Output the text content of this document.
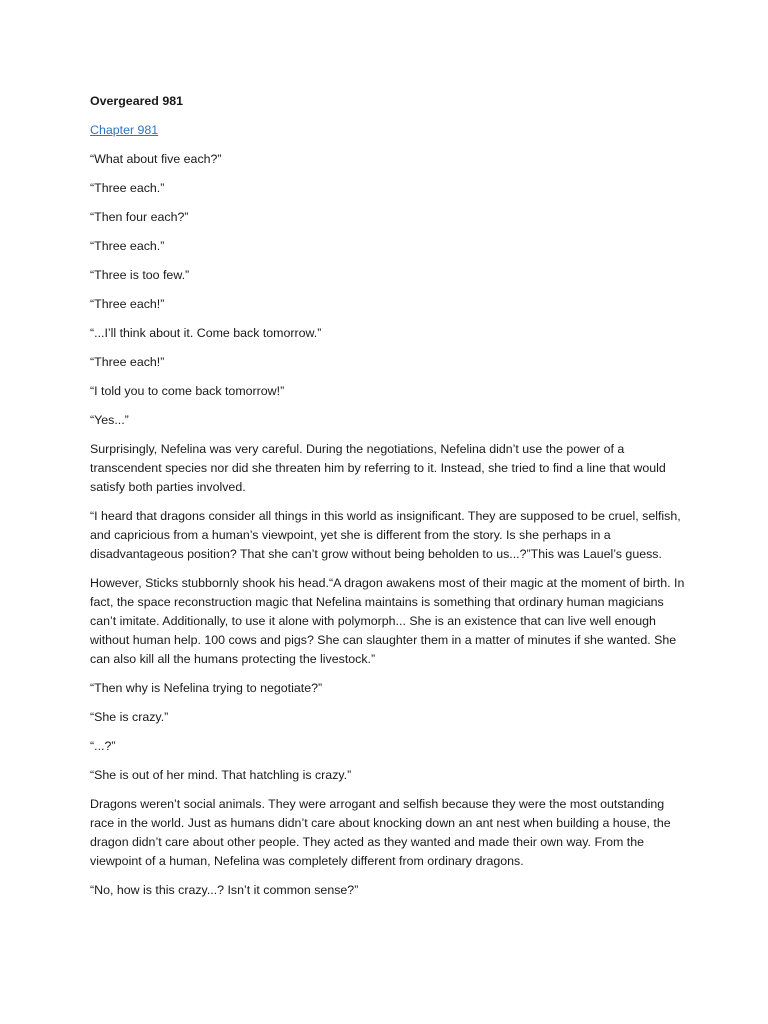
Overgeared 981
Chapter 981

“What about five each?”

“Three each.”

“Then four each?”

“Three each.”

“Three is too few.”

“Three each!”

“...I’ll think about it. Come back tomorrow.”

“Three each!”

“I told you to come back tomorrow!”

“Yes...”

Surprisingly, Nefelina was very careful. During the negotiations, Nefelina didn’t use the power of a transcendent species nor did she threaten him by referring to it. Instead, she tried to find a line that would satisfy both parties involved.

“I heard that dragons consider all things in this world as insignificant. They are supposed to be cruel, selfish, and capricious from a human’s viewpoint, yet she is different from the story. Is she perhaps in a disadvantageous position? That she can’t grow without being beholden to us...?”This was Lauel’s guess.

However, Sticks stubbornly shook his head.“A dragon awakens most of their magic at the moment of birth. In fact, the space reconstruction magic that Nefelina maintains is something that ordinary human magicians can’t imitate. Additionally, to use it alone with polymorph... She is an existence that can live well enough without human help. 100 cows and pigs? She can slaughter them in a matter of minutes if she wanted. She can also kill all the humans protecting the livestock.”

“Then why is Nefelina trying to negotiate?”

“She is crazy.”

“...?”

“She is out of her mind. That hatchling is crazy.”

Dragons weren’t social animals. They were arrogant and selfish because they were the most outstanding race in the world. Just as humans didn’t care about knocking down an ant nest when building a house, the dragon didn’t care about other people. They acted as they wanted and made their own way. From the viewpoint of a human, Nefelina was completely different from ordinary dragons.

“No, how is this crazy...? Isn’t it common sense?”
